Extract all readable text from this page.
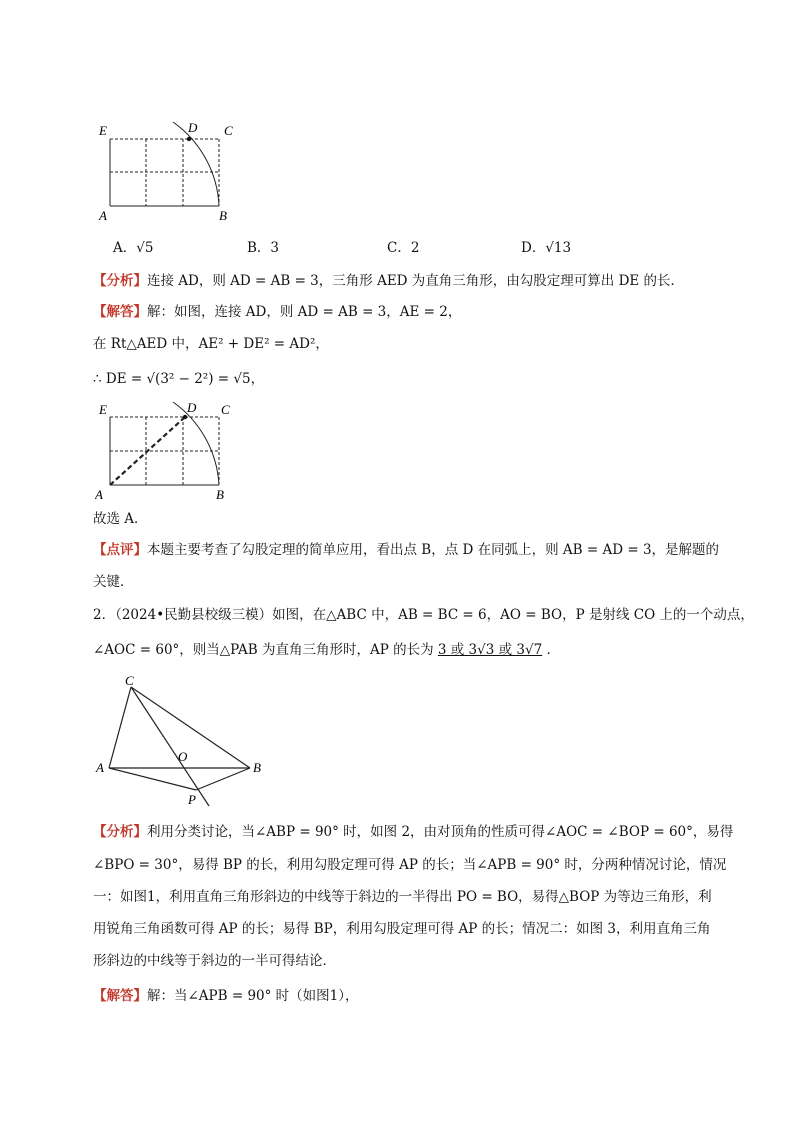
E	D C
A	B
A．√5	B．3	C．2	D．√13
【分析】连接 AD，则 AD = AB = 3，三角形 AED 为直角三角形，由勾股定理可算出 DE 的长．
【解答】解：如图，连接 AD，则 AD = AB = 3，AE = 2，
在 Rt△AED 中，AE² + DE² = AD²，
∴ DE = √(3² − 2²) = √5，
E	D C
A	B
故选 A．
【点评】本题主要考查了勾股定理的简单应用，看出点 B，点 D 在同弧上，则 AB = AD = 3，是解题的
关键．
2．（2024•民勤县校级三模）如图，在△ABC 中，AB = BC = 6，AO = BO，P 是射线 CO 上的一个动点，
∠AOC = 60°，则当△PAB 为直角三角形时，AP 的长为 3 或 3√3 或 3√7 ．
C
O
A	B
P
【分析】利用分类讨论，当∠ABP = 90° 时，如图 2，由对顶角的性质可得∠AOC = ∠BOP = 60°，易得
∠BPO = 30°，易得 BP 的长，利用勾股定理可得 AP 的长；当∠APB = 90° 时，分两种情况讨论，情况
一：如图1，利用直角三角形斜边的中线等于斜边的一半得出 PO = BO，易得△BOP 为等边三角形，利
用锐角三角函数可得 AP 的长；易得 BP，利用勾股定理可得 AP 的长；情况二：如图 3，利用直角三角
形斜边的中线等于斜边的一半可得结论．
【解答】解：当∠APB = 90° 时（如图1），
